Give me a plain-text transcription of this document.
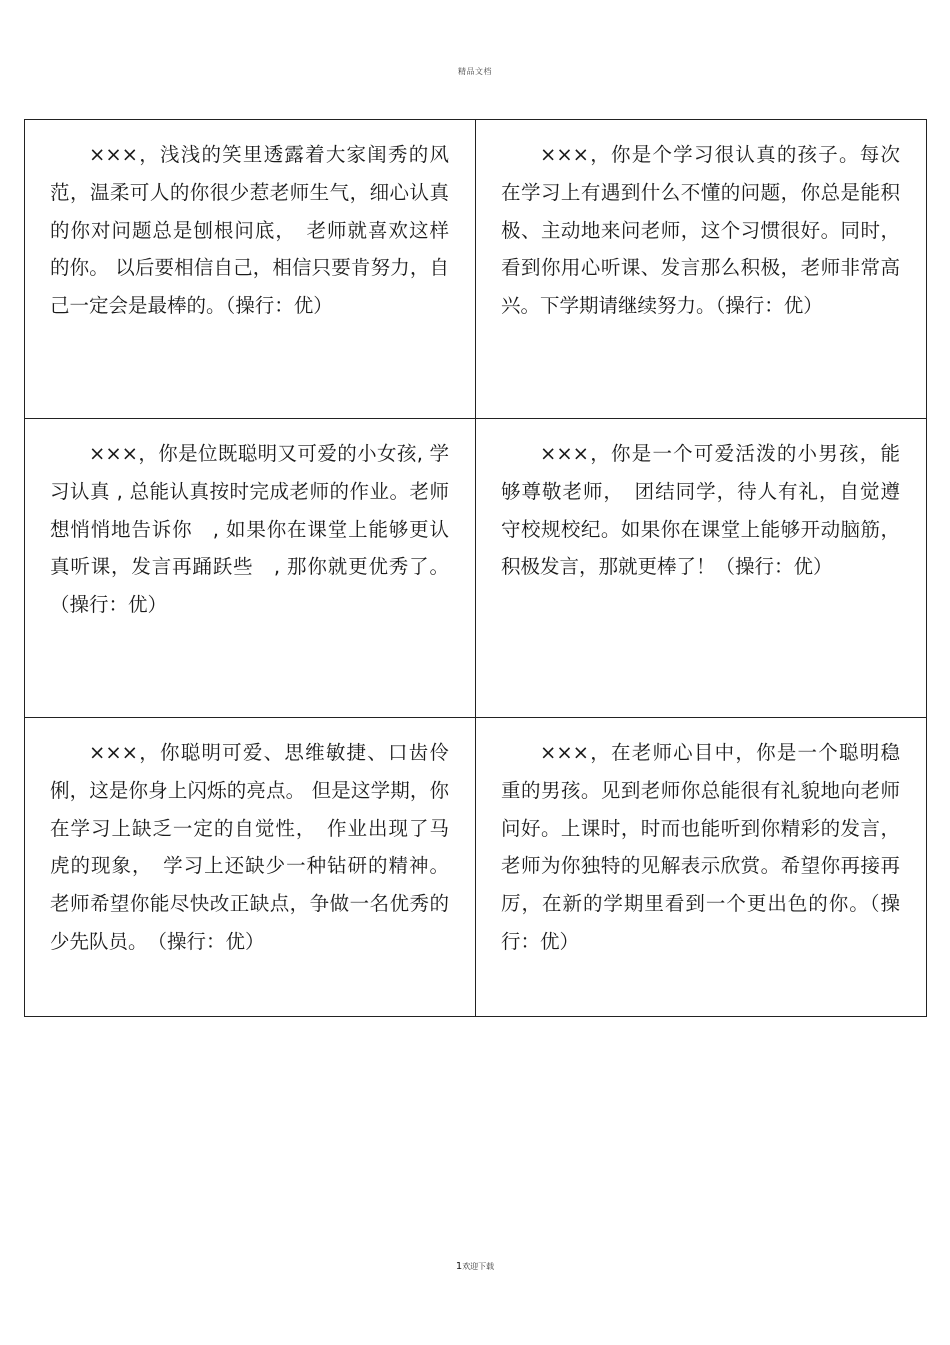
精品文档
×××，浅浅的笑里透露着大家闺秀的风范，温柔可人的你很少惹老师生气，细心认真的你对问题总是刨根问底，　老师就喜欢这样的你。 以后要相信自己，相信只要肯努力，自己一定会是最棒的。（操行：优）	×××，你是个学习很认真的孩子。每次在学习上有遇到什么不懂的问题，你总是能积极、主动地来问老师，这个习惯很好。同时，看到你用心听课、发言那么积极，老师非常高兴。下学期请继续努力。（操行：优）

×××，你是位既聪明又可爱的小女孩, 学习认真 , 总能认真按时完成老师的作业。老师想悄悄地告诉你　, 如果你在课堂上能够更认真听课，发言再踊跃些　, 那你就更优秀了。（操行：优）	×××，你是一个可爱活泼的小男孩，能够尊敬老师，　团结同学，待人有礼，自觉遵守校规校纪。如果你在课堂上能够开动脑筋，积极发言，那就更棒了！（操行：优）

×××，你聪明可爱、思维敏捷、口齿伶俐，这是你身上闪烁的亮点。 但是这学期，你在学习上缺乏一定的自觉性，　作业出现了马虎的现象，　学习上还缺少一种钻研的精神。老师希望你能尽快改正缺点，争做一名优秀的少先队员。　（操行：优）	×××，在老师心目中，你是一个聪明稳重的男孩。见到老师你总能很有礼貌地向老师问好。上课时，时而也能听到你精彩的发言，老师为你独特的见解表示欣赏。希望你再接再厉，在新的学期里看到一个更出色的你。（操行：优）
1欢迎下载
